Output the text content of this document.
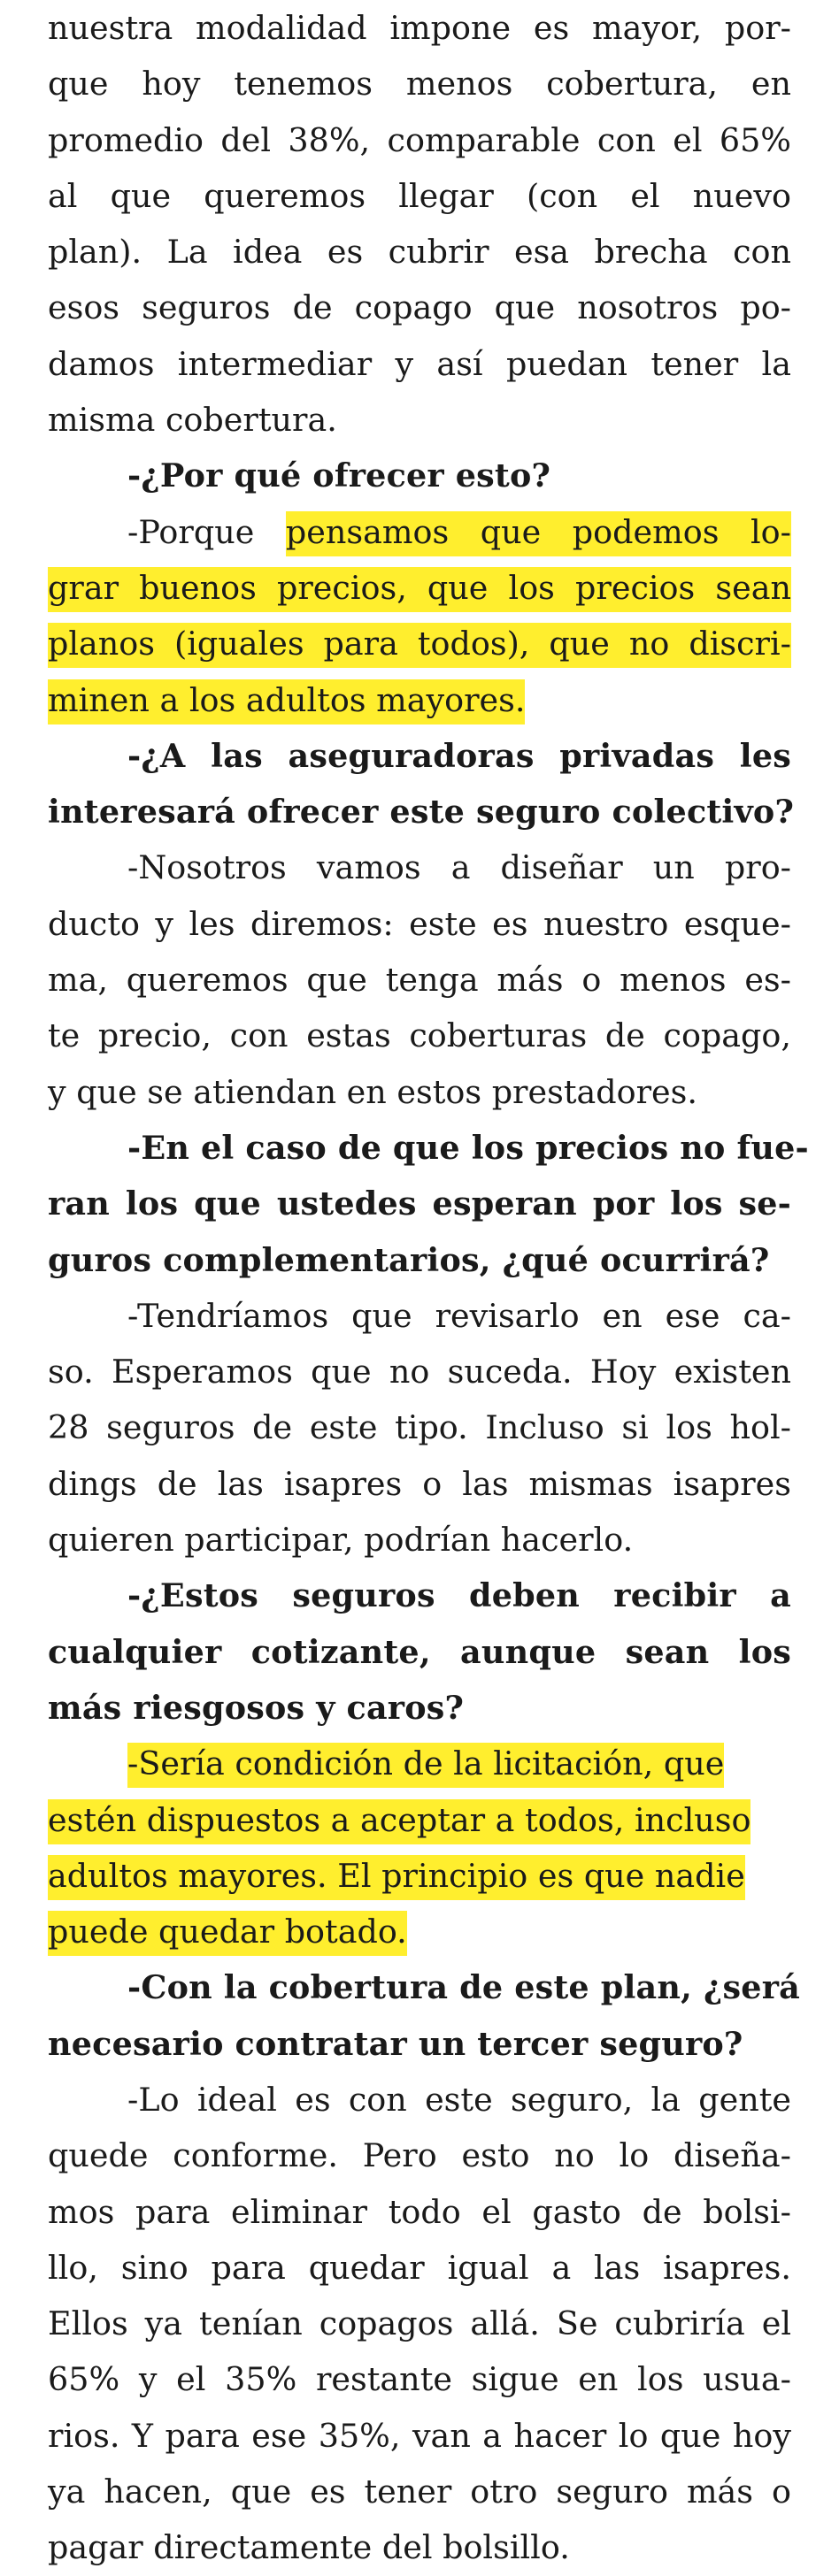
nuestra modalidad impone es mayor, por-
que hoy tenemos menos cobertura, en
promedio del 38%, comparable con el 65%
al que queremos llegar (con el nuevo
plan). La idea es cubrir esa brecha con
esos seguros de copago que nosotros po-
damos intermediar y así puedan tener la
misma cobertura.
-¿Por qué ofrecer esto?
-Porque pensamos que podemos lo-
grar buenos precios, que los precios sean
planos (iguales para todos), que no discri-
minen a los adultos mayores.
-¿A las aseguradoras privadas les
interesará ofrecer este seguro colectivo?
-Nosotros vamos a diseñar un pro-
ducto y les diremos: este es nuestro esque-
ma, queremos que tenga más o menos es-
te precio, con estas coberturas de copago,
y que se atiendan en estos prestadores.
-En el caso de que los precios no fue-
ran los que ustedes esperan por los se-
guros complementarios, ¿qué ocurrirá?
-Tendríamos que revisarlo en ese ca-
so. Esperamos que no suceda. Hoy existen
28 seguros de este tipo. Incluso si los hol-
dings de las isapres o las mismas isapres
quieren participar, podrían hacerlo.
-¿Estos seguros deben recibir a
cualquier cotizante, aunque sean los
más riesgosos y caros?
-Sería condición de la licitación, que
estén dispuestos a aceptar a todos, incluso
adultos mayores. El principio es que nadie
puede quedar botado.
-Con la cobertura de este plan, ¿será
necesario contratar un tercer seguro?
-Lo ideal es con este seguro, la gente
quede conforme. Pero esto no lo diseña-
mos para eliminar todo el gasto de bolsi-
llo, sino para quedar igual a las isapres.
Ellos ya tenían copagos allá. Se cubriría el
65% y el 35% restante sigue en los usua-
rios. Y para ese 35%, van a hacer lo que hoy
ya hacen, que es tener otro seguro más o
pagar directamente del bolsillo.
